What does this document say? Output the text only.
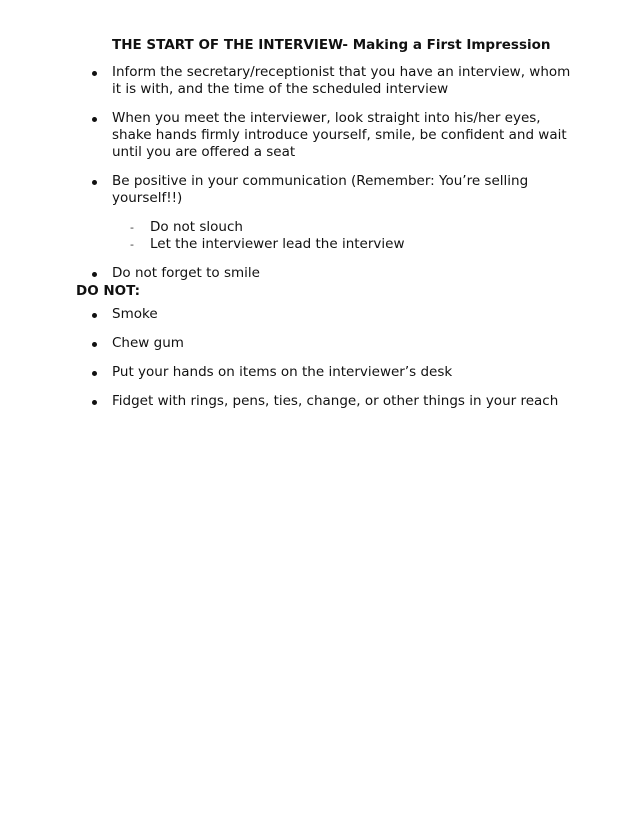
THE START OF THE INTERVIEW- Making a First Impression
Inform the secretary/receptionist that you have an interview, whom it is with, and the time of the scheduled interview
When you meet the interviewer, look straight into his/her eyes, shake hands firmly introduce yourself, smile, be confident and wait until you are offered a seat
Be positive in your communication (Remember: You’re selling yourself!!)
- Do not slouch
- Let the interviewer lead the interview
Do not forget to smile
DO NOT:
Smoke
Chew gum
Put your hands on items on the interviewer’s desk
Fidget with rings, pens, ties, change, or other things in your reach
